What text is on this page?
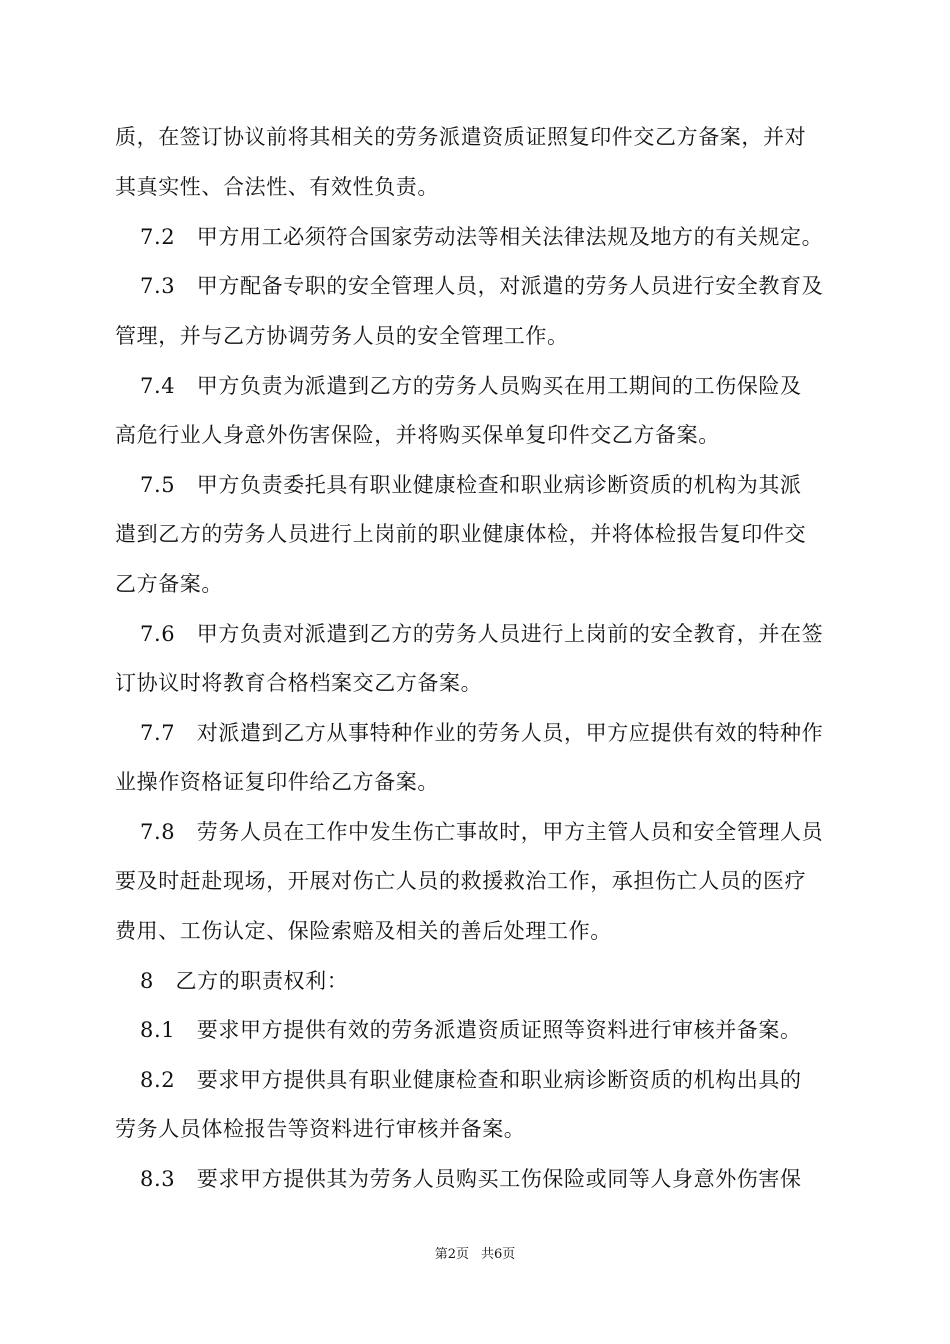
质，在签订协议前将其相关的劳务派遣资质证照复印件交乙方备案，并对
其真实性、合法性、有效性负责。
7.2　甲方用工必须符合国家劳动法等相关法律法规及地方的有关规定。
7.3　甲方配备专职的安全管理人员，对派遣的劳务人员进行安全教育及
管理，并与乙方协调劳务人员的安全管理工作。
7.4　甲方负责为派遣到乙方的劳务人员购买在用工期间的工伤保险及
高危行业人身意外伤害保险，并将购买保单复印件交乙方备案。
7.5　甲方负责委托具有职业健康检查和职业病诊断资质的机构为其派
遣到乙方的劳务人员进行上岗前的职业健康体检，并将体检报告复印件交
乙方备案。
7.6　甲方负责对派遣到乙方的劳务人员进行上岗前的安全教育，并在签
订协议时将教育合格档案交乙方备案。
7.7　对派遣到乙方从事特种作业的劳务人员，甲方应提供有效的特种作
业操作资格证复印件给乙方备案。
7.8　劳务人员在工作中发生伤亡事故时，甲方主管人员和安全管理人员
要及时赶赴现场，开展对伤亡人员的救援救治工作，承担伤亡人员的医疗
费用、工伤认定、保险索赔及相关的善后处理工作。
8　乙方的职责权利：
8.1　要求甲方提供有效的劳务派遣资质证照等资料进行审核并备案。
8.2　要求甲方提供具有职业健康检查和职业病诊断资质的机构出具的
劳务人员体检报告等资料进行审核并备案。
8.3　要求甲方提供其为劳务人员购买工伤保险或同等人身意外伤害保
第2页 共6页
